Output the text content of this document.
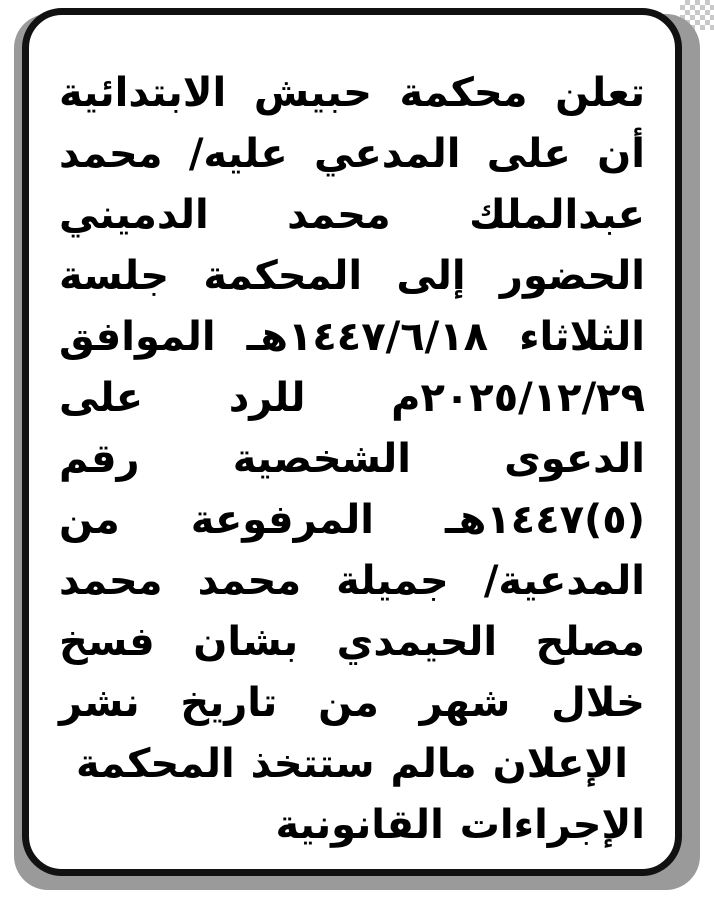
تعلن محكمة حبيش الابتدائية أن على المدعي عليه/ محمد عبدالملك محمد الدميني الحضور إلى المحكمة جلسة الثلاثاء ١٤٤٧/٦/١٨هـ الموافق ٢٠٢٥/١٢/٢٩م للرد على الدعوى الشخصية رقم (٥)١٤٤٧هـ المرفوعة من المدعية/ جميلة محمد محمد مصلح الحيمدي بشان فسخ خلال شهر من تاريخ نشر الإعلان مالم ستتخذ المحكمة

الإجراءات القانونية
